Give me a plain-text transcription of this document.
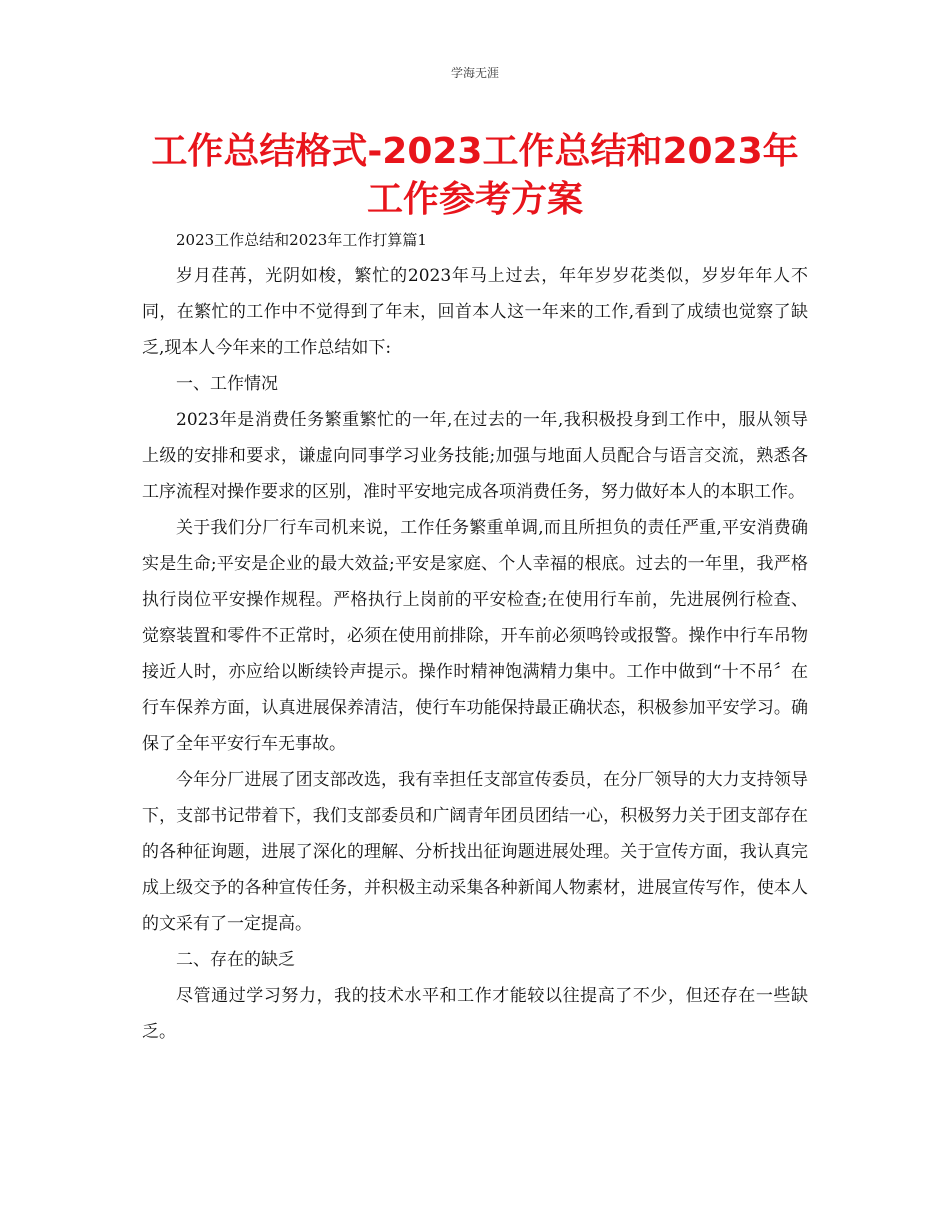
学海无涯
工作总结格式-2023工作总结和2023年工作参考方案

2023工作总结和2023年工作打算篇1

岁月荏苒，光阴如梭，繁忙的2023年马上过去，年年岁岁花类似，岁岁年年人不同，在繁忙的工作中不觉得到了年末，回首本人这一年来的工作,看到了成绩也觉察了缺乏,现本人今年来的工作总结如下:

一、工作情况

2023年是消费任务繁重繁忙的一年,在过去的一年,我积极投身到工作中，服从领导上级的安排和要求，谦虚向同事学习业务技能;加强与地面人员配合与语言交流，熟悉各工序流程对操作要求的区别，准时平安地完成各项消费任务，努力做好本人的本职工作。

关于我们分厂行车司机来说，工作任务繁重单调,而且所担负的责任严重,平安消费确实是生命;平安是企业的最大效益;平安是家庭、个人幸福的根底。过去的一年里，我严格执行岗位平安操作规程。严格执行上岗前的平安检查;在使用行车前，先进展例行检查、觉察装置和零件不正常时，必须在使用前排除，开车前必须鸣铃或报警。操作中行车吊物接近人时，亦应给以断续铃声提示。操作时精神饱满精力集中。工作中做到“十不吊〞在行车保养方面，认真进展保养清洁，使行车功能保持最正确状态，积极参加平安学习。确保了全年平安行车无事故。

今年分厂进展了团支部改选，我有幸担任支部宣传委员，在分厂领导的大力支持领导下，支部书记带着下，我们支部委员和广阔青年团员团结一心，积极努力关于团支部存在的各种征询题，进展了深化的理解、分析找出征询题进展处理。关于宣传方面，我认真完成上级交予的各种宣传任务，并积极主动采集各种新闻人物素材，进展宣传写作，使本人的文采有了一定提高。

二、存在的缺乏

尽管通过学习努力，我的技术水平和工作才能较以往提高了不少，但还存在一些缺乏。
